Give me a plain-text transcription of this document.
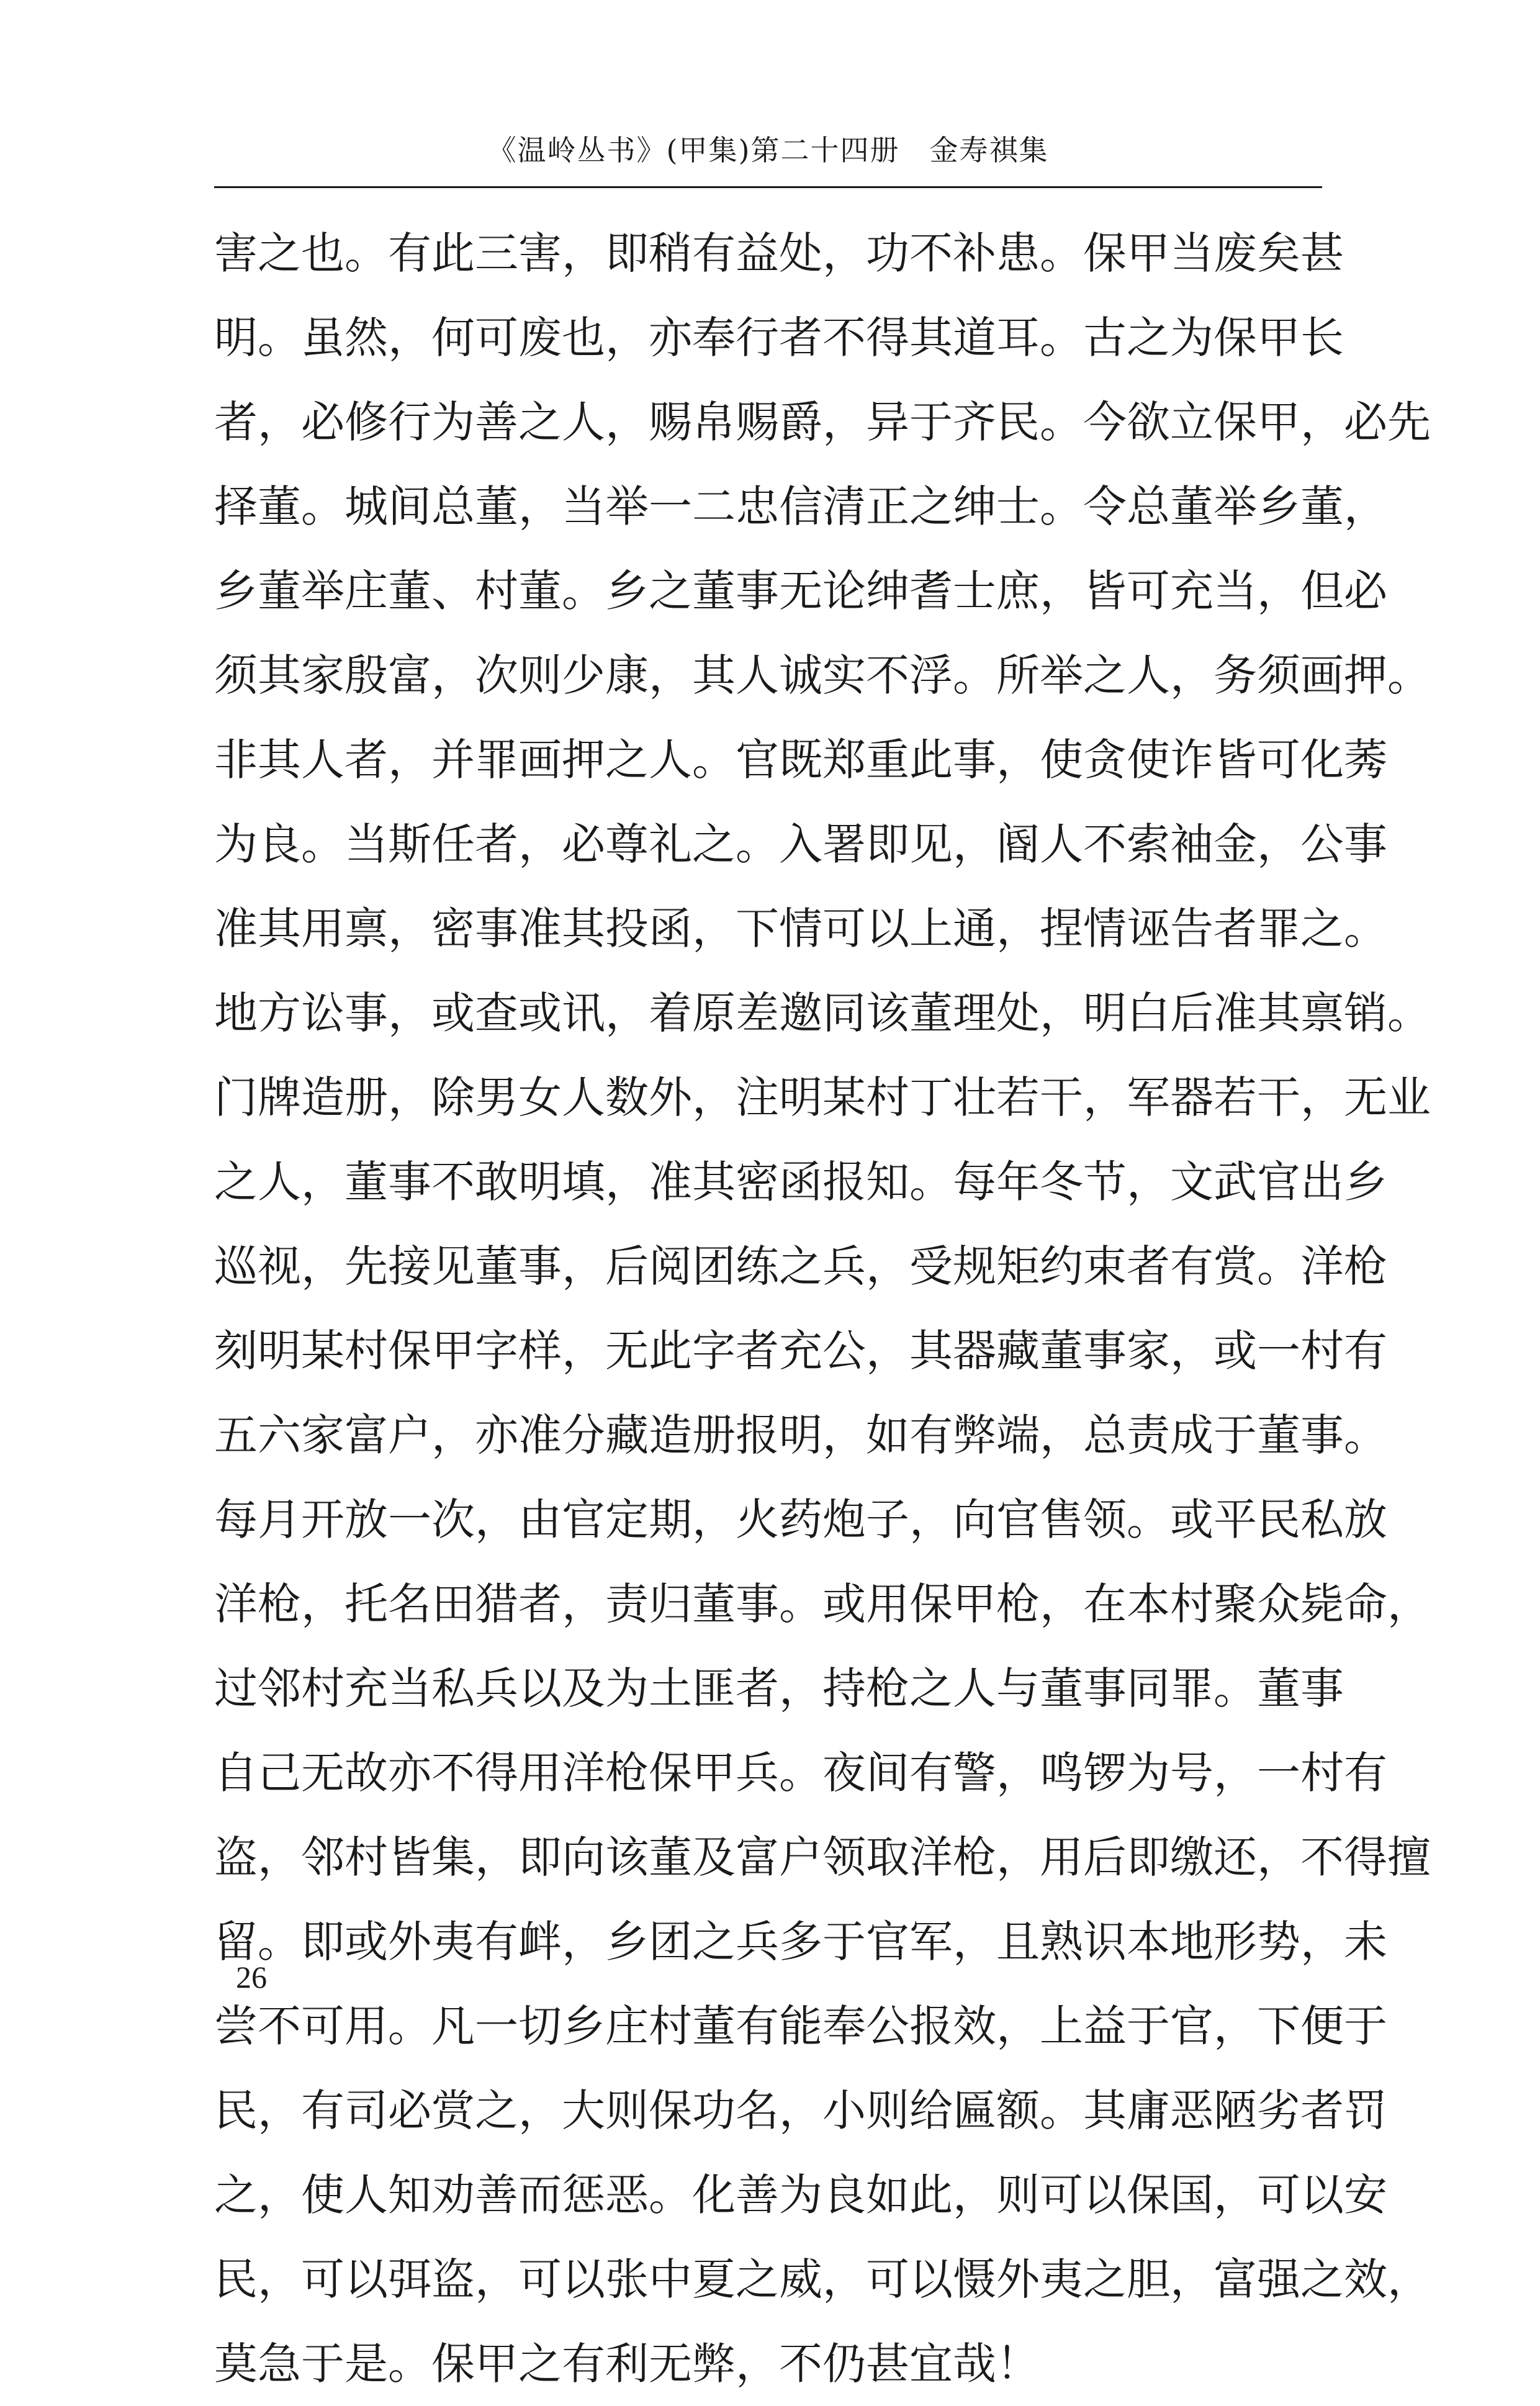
《温岭丛书》(甲集)第二十四册　金寿祺集
害 之 也 。 有 此 三 害 ， 即 稍 有 益 处 ， 功 不 补 患 。 保 甲 当 废 矣 甚
明 。 虽 然 ， 何 可 废 也 ， 亦 奉 行 者 不 得 其 道 耳 。 古 之 为 保 甲 长
者 ， 必 修 行 为 善 之 人 ， 赐 帛 赐 爵 ， 异 于 齐 民 。 今 欲 立 保 甲 ， 必 先
择 董 。 城 间 总 董 ， 当 举 一 二 忠 信 清 正 之 绅 士 。 令 总 董 举 乡 董 ，
乡 董 举 庄 董 、 村 董 。 乡 之 董 事 无 论 绅 耆 士 庶 ， 皆 可 充 当 ， 但 必
须 其 家 殷 富 ， 次 则 少 康 ， 其 人 诚 实 不 浮 。 所 举 之 人 ， 务 须 画 押 。
非 其 人 者 ， 并 罪 画 押 之 人 。 官 既 郑 重 此 事 ， 使 贪 使 诈 皆 可 化 莠
为 良 。 当 斯 任 者 ， 必 尊 礼 之 。 入 署 即 见 ， 阍 人 不 索 袖 金 ， 公 事
准 其 用 禀 ， 密 事 准 其 投 函 ， 下 情 可 以 上 通 ， 捏 情 诬 告 者 罪 之 。
地 方 讼 事 ， 或 查 或 讯 ， 着 原 差 邀 同 该 董 理 处 ， 明 白 后 准 其 禀 销 。
门 牌 造 册 ， 除 男 女 人 数 外 ， 注 明 某 村 丁 壮 若 干 ， 军 器 若 干 ， 无 业
之 人 ， 董 事 不 敢 明 填 ， 准 其 密 函 报 知 。 每 年 冬 节 ， 文 武 官 出 乡
巡 视 ， 先 接 见 董 事 ， 后 阅 团 练 之 兵 ， 受 规 矩 约 束 者 有 赏 。 洋 枪
刻 明 某 村 保 甲 字 样 ， 无 此 字 者 充 公 ， 其 器 藏 董 事 家 ， 或 一 村 有
五 六 家 富 户 ， 亦 准 分 藏 造 册 报 明 ， 如 有 弊 端 ， 总 责 成 于 董 事 。
每 月 开 放 一 次 ， 由 官 定 期 ， 火 药 炮 子 ， 向 官 售 领 。 或 平 民 私 放
洋 枪 ， 托 名 田 猎 者 ， 责 归 董 事 。 或 用 保 甲 枪 ， 在 本 村 聚 众 毙 命 ，
过 邻 村 充 当 私 兵 以 及 为 土 匪 者 ， 持 枪 之 人 与 董 事 同 罪 。 董 事
自 己 无 故 亦 不 得 用 洋 枪 保 甲 兵 。 夜 间 有 警 ， 鸣 锣 为 号 ， 一 村 有
盗 ， 邻 村 皆 集 ， 即 向 该 董 及 富 户 领 取 洋 枪 ， 用 后 即 缴 还 ， 不 得 擅
留 。 即 或 外 夷 有 衅 ， 乡 团 之 兵 多 于 官 军 ， 且 熟 识 本 地 形 势 ， 未
尝 不 可 用 。 凡 一 切 乡 庄 村 董 有 能 奉 公 报 效 ， 上 益 于 官 ， 下 便 于
民 ， 有 司 必 赏 之 ， 大 则 保 功 名 ， 小 则 给 匾 额 。 其 庸 恶 陋 劣 者 罚
之 ， 使 人 知 劝 善 而 惩 恶 。 化 善 为 良 如 此 ， 则 可 以 保 国 ， 可 以 安
民 ， 可 以 弭 盗 ， 可 以 张 中 夏 之 威 ， 可 以 慑 外 夷 之 胆 ， 富 强 之 效 ，
莫 急 于 是 。 保 甲 之 有 利 无 弊 ， 不 仍 甚 宜 哉 ！
26
